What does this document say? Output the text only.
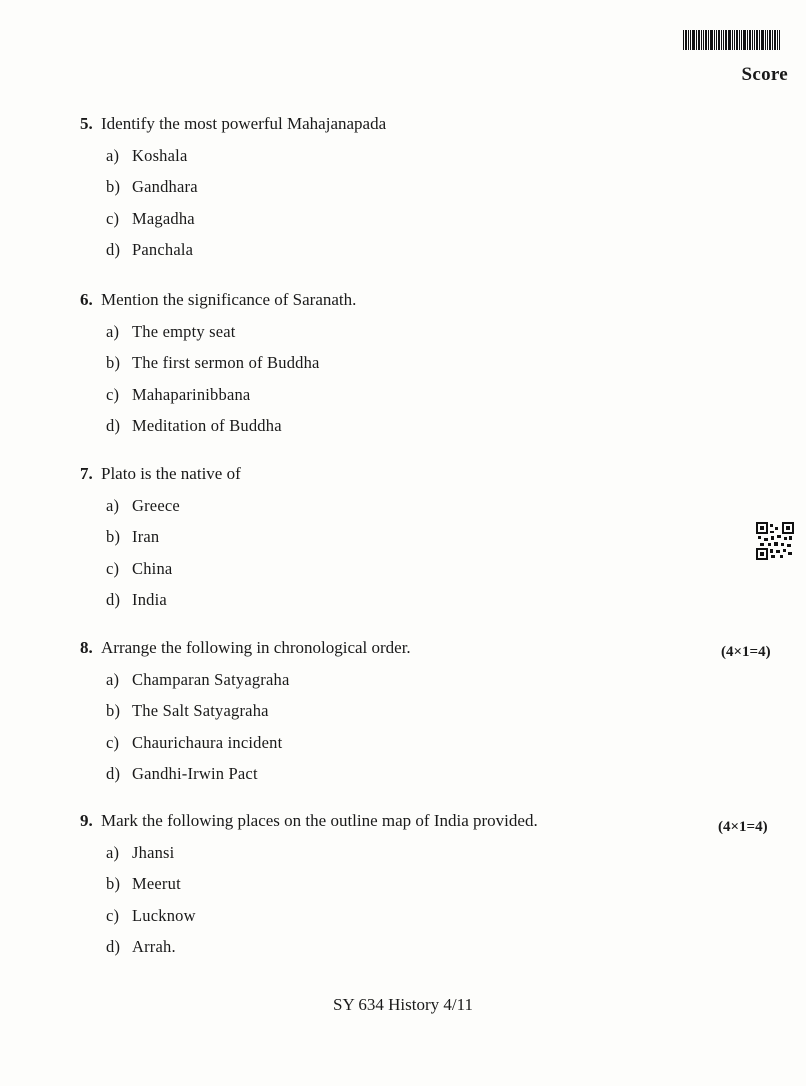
Score
5. Identify the most powerful Mahajanapada
a) Koshala
b) Gandhara
c) Magadha
d) Panchala
6. Mention the significance of Saranath.
a) The empty seat
b) The first sermon of Buddha
c) Mahaparinibbana
d) Meditation of Buddha
7. Plato is the native of
a) Greece
b) Iran
c) China
d) India
8. Arrange the following in chronological order.	(4×1=4)
a) Champaran Satyagraha
b) The Salt Satyagraha
c) Chaurichaura incident
d) Gandhi-Irwin Pact
9. Mark the following places on the outline map of India provided.	(4×1=4)
a) Jhansi
b) Meerut
c) Lucknow
d) Arrah.
SY 634 History 4/11
